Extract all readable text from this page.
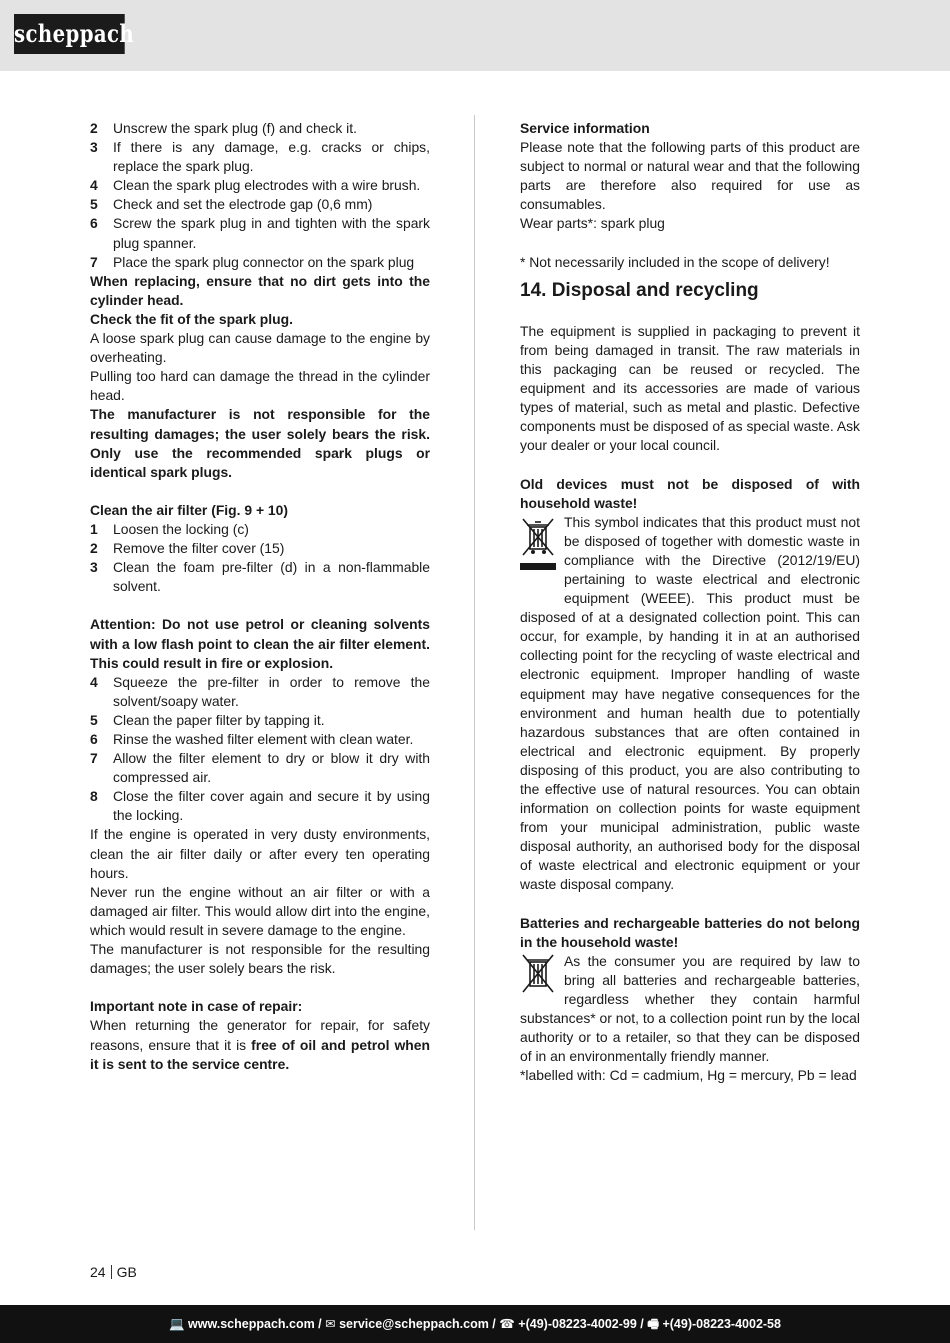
scheppach
2	Unscrew the spark plug (f) and check it.
3	If there is any damage, e.g. cracks or chips, replace the spark plug.
4	Clean the spark plug electrodes with a wire brush.
5	Check and set the electrode gap (0,6 mm)
6	Screw the spark plug in and tighten with the spark plug spanner.
7	Place the spark plug connector on the spark plug

When replacing, ensure that no dirt gets into the cylinder head.

Check the fit of the spark plug.

A loose spark plug can cause damage to the engine by overheating.

Pulling too hard can damage the thread in the cylinder head.

The manufacturer is not responsible for the resulting damages; the user solely bears the risk. Only use the recommended spark plugs or identical spark plugs.

Clean the air filter (Fig. 9 + 10)

1	Loosen the locking (c)
2	Remove the filter cover (15)
3	Clean the foam pre-filter (d) in a non-flammable solvent.

Attention: Do not use petrol or cleaning solvents with a low flash point to clean the air filter element. This could result in fire or explosion.

4	Squeeze the pre-filter in order to remove the solvent/soapy water.
5	Clean the paper filter by tapping it.
6	Rinse the washed filter element with clean water.
7	Allow the filter element to dry or blow it dry with compressed air.
8	Close the filter cover again and secure it by using the locking.

If the engine is operated in very dusty environments, clean the air filter daily or after every ten operating hours.

Never run the engine without an air filter or with a damaged air filter. This would allow dirt into the engine, which would result in severe damage to the engine.

The manufacturer is not responsible for the resulting damages; the user solely bears the risk.

Important note in case of repair:

When returning the generator for repair, for safety reasons, ensure that it is free of oil and petrol when it is sent to the service centre.

Service information

Please note that the following parts of this product are subject to normal or natural wear and that the following parts are therefore also required for use as consumables.

Wear parts*: spark plug

* Not necessarily included in the scope of delivery!

14. Disposal and recycling

The equipment is supplied in packaging to prevent it from being damaged in transit. The raw materials in this packaging can be reused or recycled. The equipment and its accessories are made of various types of material, such as metal and plastic. Defective components must be disposed of as special waste. Ask your dealer or your local council.

Old devices must not be disposed of with household waste!

This symbol indicates that this product must not be disposed of together with domestic waste in compliance with the Directive (2012/19/EU) pertaining to waste electrical and electronic equipment (WEEE). This product must be disposed of at a designated collection point. This can occur, for example, by handing it in at an authorised collecting point for the recycling of waste electrical and electronic equipment. Improper handling of waste equipment may have negative consequences for the environment and human health due to potentially hazardous substances that are often contained in electrical and electronic equipment. By properly disposing of this product, you are also contributing to the effective use of natural resources. You can obtain information on collection points for waste equipment from your municipal administration, public waste disposal authority, an authorised body for the disposal of waste electrical and electronic equipment or your waste disposal company.

Batteries and rechargeable batteries do not belong in the household waste!

As the consumer you are required by law to bring all batteries and rechargeable batteries, regardless whether they contain harmful substances* or not, to a collection point run by the local authority or to a retailer, so that they can be disposed of in an environmentally friendly manner.

*labelled with: Cd = cadmium, Hg = mercury, Pb = lead

24 GB
💻 www.scheppach.com / ✉ service@scheppach.com / ☎ +(49)-08223-4002-99 / 🖷 +(49)-08223-4002-58
